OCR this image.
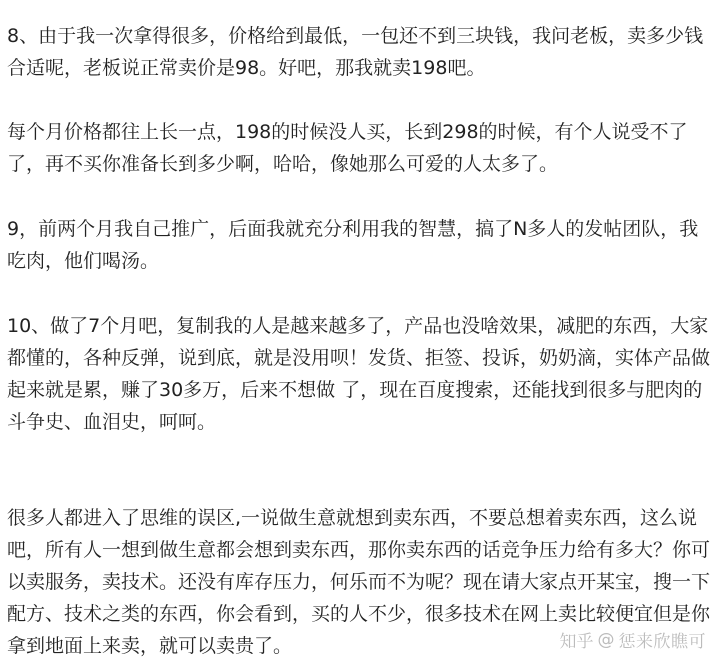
8、由于我一次拿得很多，价格给到最低，一包还不到三块钱，我问老板，卖多少钱合适呢，老板说正常卖价是98。好吧，那我就卖198吧。

每个月价格都往上长一点，198的时候没人买，长到298的时候，有个人说受不了了，再不买你准备长到多少啊，哈哈，像她那么可爱的人太多了。

9，前两个月我自己推广，后面我就充分利用我的智慧，搞了N多人的发帖团队，我吃肉，他们喝汤。

10、做了7个月吧，复制我的人是越来越多了，产品也没啥效果，减肥的东西，大家都懂的，各种反弹，说到底，就是没用呗！发货、拒签、投诉，奶奶滴，实体产品做起来就是累，赚了30多万，后来不想做 了，现在百度搜索，还能找到很多与肥肉的斗争史、血泪史，呵呵。

很多人都进入了思维的误区,一说做生意就想到卖东西，不要总想着卖东西，这么说吧，所有人一想到做生意都会想到卖东西，那你卖东西的话竞争压力给有多大？你可以卖服务，卖技术。还没有库存压力，何乐而不为呢？现在请大家点开某宝，搜一下配方、技术之类的东西，你会看到，买的人不少，很多技术在网上卖比较便宜但是你拿到地面上来卖，就可以卖贵了。	知乎 @ 惩来欣瞧可
